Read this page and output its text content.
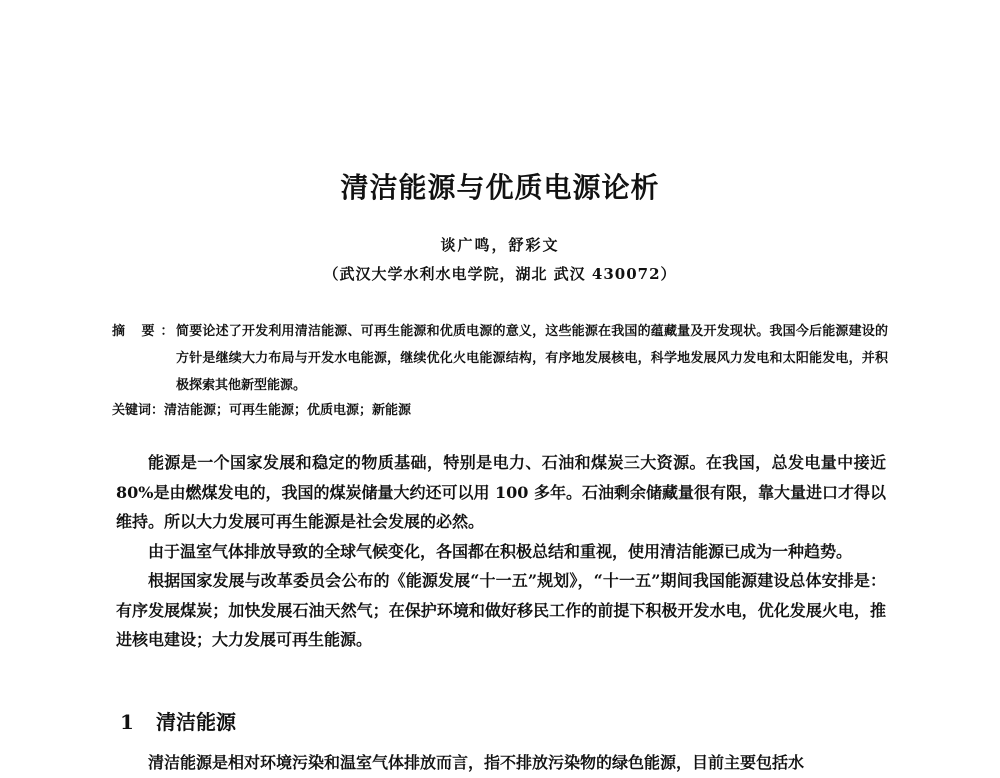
清洁能源与优质电源论析
谈广鸣，舒彩文
（武汉大学水利水电学院，湖北 武汉 430072）
摘 要：
简要论述了开发利用清洁能源、可再生能源和优质电源的意义，这些能源在我国的蕴藏量及开发现状。我国今后能源建设的方针是继续大力布局与开发水电能源，继续优化火电能源结构，有序地发展核电，科学地发展风力发电和太阳能发电，并积极探索其他新型能源。
关键词：清洁能源；可再生能源；优质电源；新能源

能源是一个国家发展和稳定的物质基础，特别是电力、石油和煤炭三大资源。在我国，总发电量中接近 80%是由燃煤发电的，我国的煤炭储量大约还可以用 100 多年。石油剩余储藏量很有限，靠大量进口才得以维持。所以大力发展可再生能源是社会发展的必然。

由于温室气体排放导致的全球气候变化，各国都在积极总结和重视，使用清洁能源已成为一种趋势。

根据国家发展与改革委员会公布的《能源发展“十一五”规划》，“十一五”期间我国能源建设总体安排是：有序发展煤炭；加快发展石油天然气；在保护环境和做好移民工作的前提下积极开发水电，优化发展火电，推进核电建设；大力发展可再生能源。

1 清洁能源
清洁能源是相对环境污染和温室气体排放而言，指不排放污染物的绿色能源，目前主要包括水
